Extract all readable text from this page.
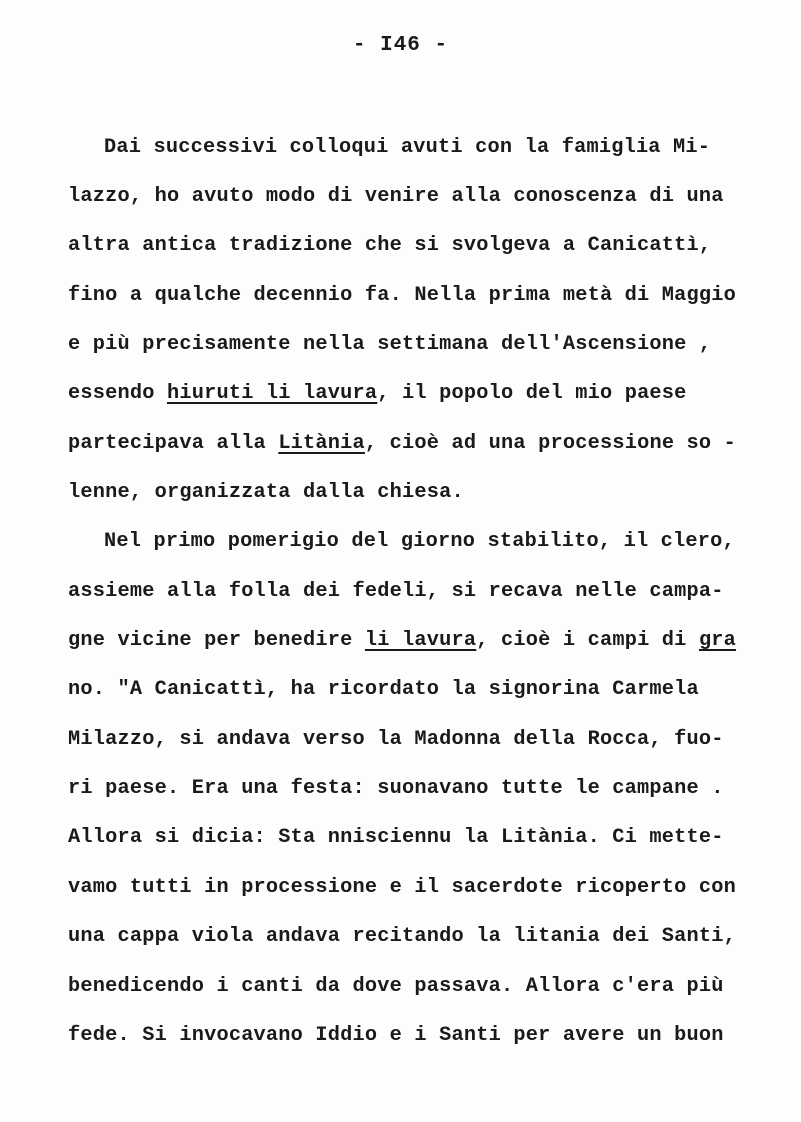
- I46 -
Dai successivi colloqui avuti con la famiglia Mi-
lazzo, ho avuto modo di venire alla conoscenza di una
altra antica tradizione che si svolgeva a Canicattì,
fino a qualche decennio fa. Nella prima metà di Maggio
e più precisamente nella settimana dell'Ascensione ,
essendo hiuruti li lavura, il popolo del mio paese
partecipava alla Litània, cioè ad una processione so -
lenne, organizzata dalla chiesa.
Nel primo pomerigio del giorno stabilito, il clero,
assieme alla folla dei fedeli, si recava nelle campa-
gne vicine per benedire li lavura, cioè i campi di gra
no. "A Canicattì, ha ricordato la signorina Carmela
Milazzo, si andava verso la Madonna della Rocca, fuo-
ri paese. Era una festa: suonavano tutte le campane .
Allora si dicia: Sta nnisciennu la Litània. Ci mette-
vamo tutti in processione e il sacerdote ricoperto con
una cappa viola andava recitando la litania dei Santi,
benedicendo i canti da dove passava. Allora c'era più
fede. Si invocavano Iddio e i Santi per avere un buon
